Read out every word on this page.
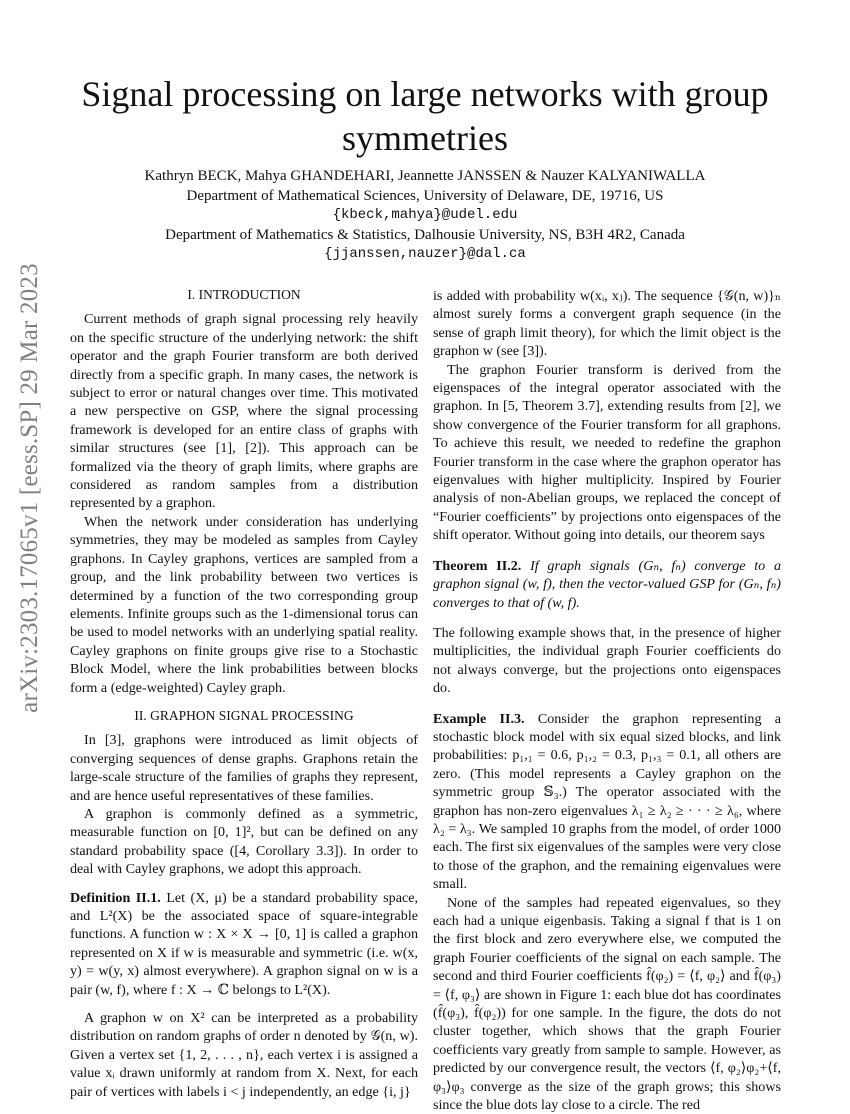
arXiv:2303.17065v1 [eess.SP] 29 Mar 2023
Signal processing on large networks with group symmetries
Kathryn BECK, Mahya GHANDEHARI, Jeannette JANSSEN & Nauzer KALYANIWALLA
Department of Mathematical Sciences, University of Delaware, DE, 19716, US
{kbeck,mahya}@udel.edu
Department of Mathematics & Statistics, Dalhousie University, NS, B3H 4R2, Canada
{jjanssen,nauzer}@dal.ca
I. INTRODUCTION

Current methods of graph signal processing rely heavily on the specific structure of the underlying network: the shift operator and the graph Fourier transform are both derived directly from a specific graph. In many cases, the network is subject to error or natural changes over time. This motivated a new perspective on GSP, where the signal processing framework is developed for an entire class of graphs with similar structures (see [1], [2]). This approach can be formalized via the theory of graph limits, where graphs are considered as random samples from a distribution represented by a graphon.

When the network under consideration has underlying symmetries, they may be modeled as samples from Cayley graphons. In Cayley graphons, vertices are sampled from a group, and the link probability between two vertices is determined by a function of the two corresponding group elements. Infinite groups such as the 1-dimensional torus can be used to model networks with an underlying spatial reality. Cayley graphons on finite groups give rise to a Stochastic Block Model, where the link probabilities between blocks form a (edge-weighted) Cayley graph.

II. GRAPHON SIGNAL PROCESSING

In [3], graphons were introduced as limit objects of converging sequences of dense graphs. Graphons retain the large-scale structure of the families of graphs they represent, and are hence useful representatives of these families.

A graphon is commonly defined as a symmetric, measurable function on [0, 1]², but can be defined on any standard probability space ([4, Corollary 3.3]). In order to deal with Cayley graphons, we adopt this approach.

Definition II.1. Let (X, μ) be a standard probability space, and L²(X) be the associated space of square-integrable functions. A function w : X × X → [0, 1] is called a graphon represented on X if w is measurable and symmetric (i.e. w(x, y) = w(y, x) almost everywhere). A graphon signal on w is a pair (w, f), where f : X → ℂ belongs to L²(X).

A graphon w on X² can be interpreted as a probability distribution on random graphs of order n denoted by 𝒢(n, w). Given a vertex set {1, 2, . . . , n}, each vertex i is assigned a value xᵢ drawn uniformly at random from X. Next, for each pair of vertices with labels i < j independently, an edge {i, j}

is added with probability w(xᵢ, xⱼ). The sequence {𝒢(n, w)}ₙ almost surely forms a convergent graph sequence (in the sense of graph limit theory), for which the limit object is the graphon w (see [3]).

The graphon Fourier transform is derived from the eigenspaces of the integral operator associated with the graphon. In [5, Theorem 3.7], extending results from [2], we show convergence of the Fourier transform for all graphons. To achieve this result, we needed to redefine the graphon Fourier transform in the case where the graphon operator has eigenvalues with higher multiplicity. Inspired by Fourier analysis of non-Abelian groups, we replaced the concept of “Fourier coefficients” by projections onto eigenspaces of the shift operator. Without going into details, our theorem says

Theorem II.2. If graph signals (Gₙ, fₙ) converge to a graphon signal (w, f), then the vector-valued GSP for (Gₙ, fₙ) converges to that of (w, f).

The following example shows that, in the presence of higher multiplicities, the individual graph Fourier coefficients do not always converge, but the projections onto eigenspaces do.

Example II.3. Consider the graphon representing a stochastic block model with six equal sized blocks, and link probabilities: p₁,₁ = 0.6, p₁,₂ = 0.3, p₁,₃ = 0.1, all others are zero. (This model represents a Cayley graphon on the symmetric group 𝕊₃.) The operator associated with the graphon has non-zero eigenvalues λ₁ ≥ λ₂ ≥ · · · ≥ λ₆, where λ₂ = λ₃. We sampled 10 graphs from the model, of order 1000 each. The first six eigenvalues of the samples were very close to those of the graphon, and the remaining eigenvalues were small.

None of the samples had repeated eigenvalues, so they each had a unique eigenbasis. Taking a signal f that is 1 on the first block and zero everywhere else, we computed the graph Fourier coefficients of the signal on each sample. The second and third Fourier coefficients f̂(φ₂) = ⟨f, φ₂⟩ and f̂(φ₃) = ⟨f, φ₃⟩ are shown in Figure 1: each blue dot has coordinates (f̂(φ₃), f̂(φ₂)) for one sample. In the figure, the dots do not cluster together, which shows that the graph Fourier coefficients vary greatly from sample to sample. However, as predicted by our convergence result, the vectors ⟨f, φ₂⟩φ₂+⟨f, φ₃⟩φ₃ converge as the size of the graph grows; this shows since the blue dots lay close to a circle. The red
